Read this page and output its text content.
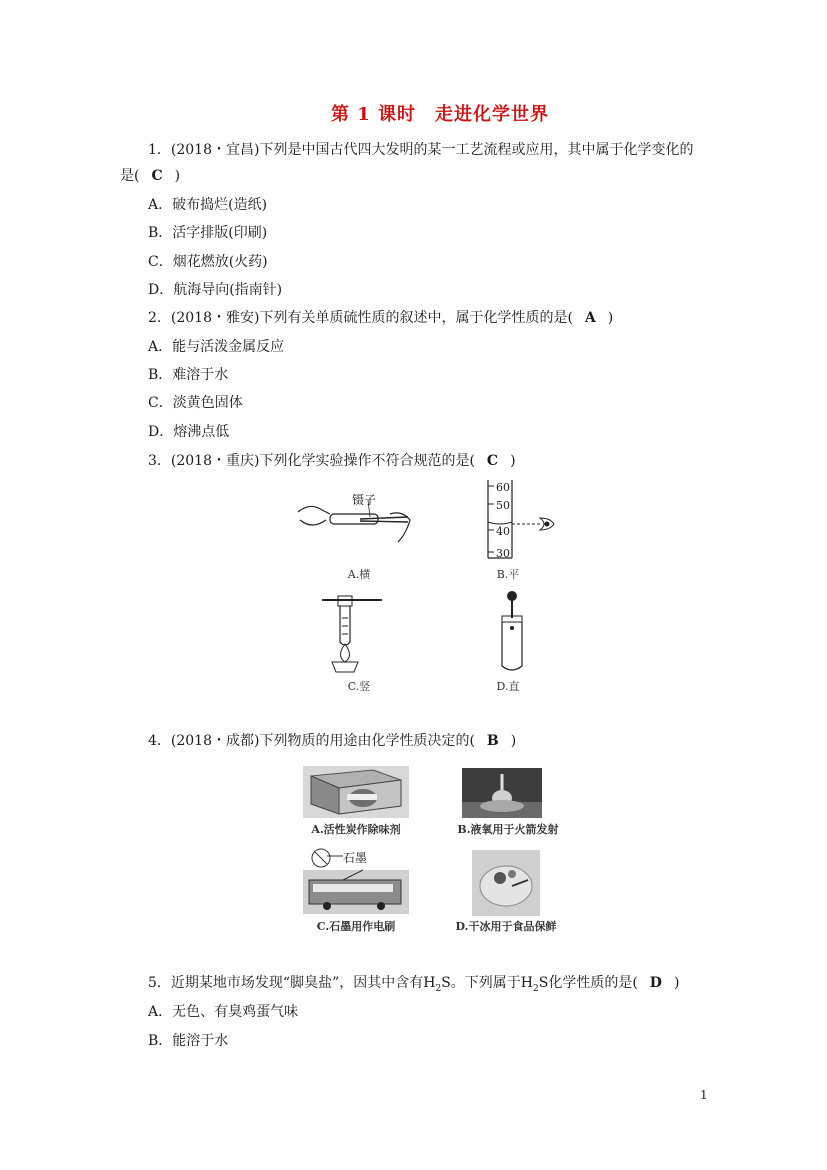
第 1 课时　走进化学世界
1．(2018・宜昌)下列是中国古代四大发明的某一工艺流程或应用，其中属于化学变化的
是( C )
A．破布捣烂(造纸)
B．活字排版(印刷)
C．烟花燃放(火药)
D．航海导向(指南针)
2．(2018・雅安)下列有关单质硫性质的叙述中，属于化学性质的是( A )
A．能与活泼金属反应
B．难溶于水
C．淡黄色固体
D．熔沸点低
3．(2018・重庆)下列化学实验操作不符合规范的是( C )
镊子
A.横
60
50
40
30
B.平
C.竖	D.直
4．(2018・成都)下列物质的用途由化学性质决定的( B )
A.活性炭作除味剂	B.液氧用于火箭发射
石墨
C.石墨用作电刷	D.干冰用于食品保鲜
5．近期某地市场发现“脚臭盐”，因其中含有$H_2S$。下列属于$H_2S$化学性质的是( D )
A．无色、有臭鸡蛋气味
B．能溶于水
1
